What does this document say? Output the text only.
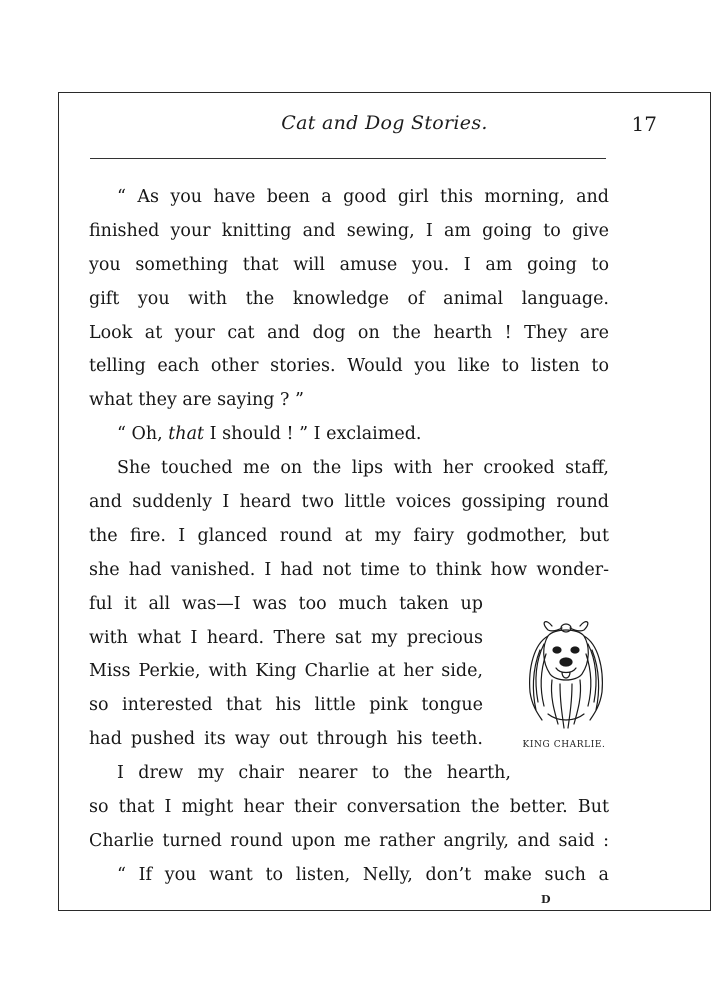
Cat and Dog Stories.	17
“ As you have been a good girl this morning, and
finished your knitting and sewing, I am going to give
you something that will amuse you. I am going to
gift you with the knowledge of animal language.
Look at your cat and dog on the hearth ! They are
telling each other stories. Would you like to listen to
what they are saying ? ”
“ Oh, that I should ! ” I exclaimed.
She touched me on the lips with her crooked staff,
and suddenly I heard two little voices gossiping round
the fire. I glanced round at my fairy godmother, but
she had vanished. I had not time to think how wonder-
ful it all was—I was too much taken up
with what I heard. There sat my precious
Miss Perkie, with King Charlie at her side,
so interested that his little pink tongue
had pushed its way out through his teeth.
I drew my chair nearer to the hearth,
so that I might hear their conversation the better. But
Charlie turned round upon me rather angrily, and said :
“ If you want to listen, Nelly, don’t make such a
KING CHARLIE.
D
